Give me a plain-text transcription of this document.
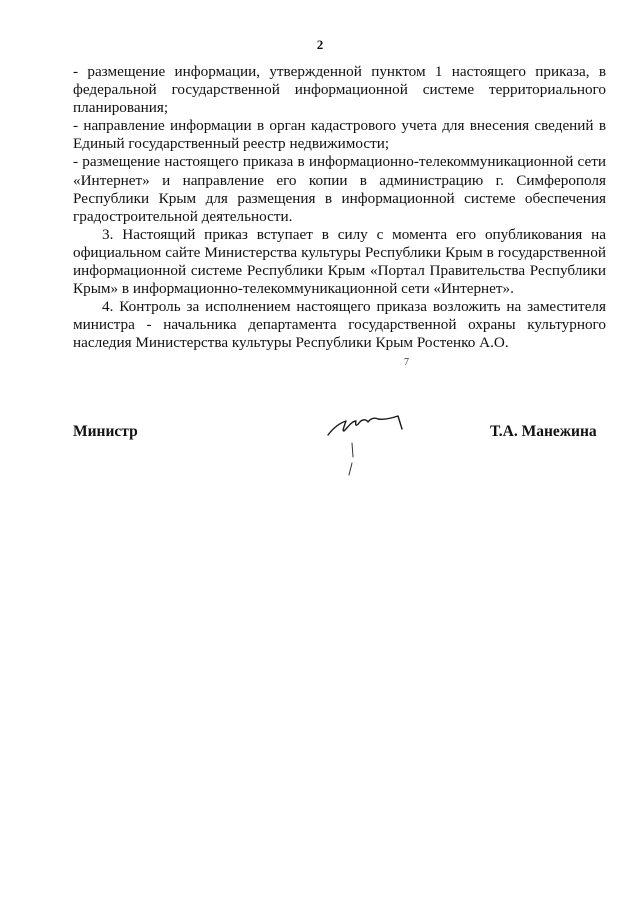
2

- размещение информации, утвержденной пунктом 1 настоящего приказа, в федеральной государственной информационной системе территориального планирования;

- направление информации в орган кадастрового учета для внесения сведений в Единый государственный реестр недвижимости;

- размещение настоящего приказа в информационно-телекоммуникационной сети «Интернет» и направление его копии в администрацию г. Симферополя Республики Крым для размещения в информационной системе обеспечения градостроительной деятельности.

3. Настоящий приказ вступает в силу с момента его опубликования на официальном сайте Министерства культуры Республики Крым в государственной информационной системе Республики Крым «Портал Правительства Республики Крым» в информационно-телекоммуникационной сети «Интернет».

4. Контроль за исполнением настоящего приказа возложить на заместителя министра - начальника департамента государственной охраны культурного наследия Министерства культуры Республики Крым Ростенко А.О.

7
Министр	Т.А. Манежина
